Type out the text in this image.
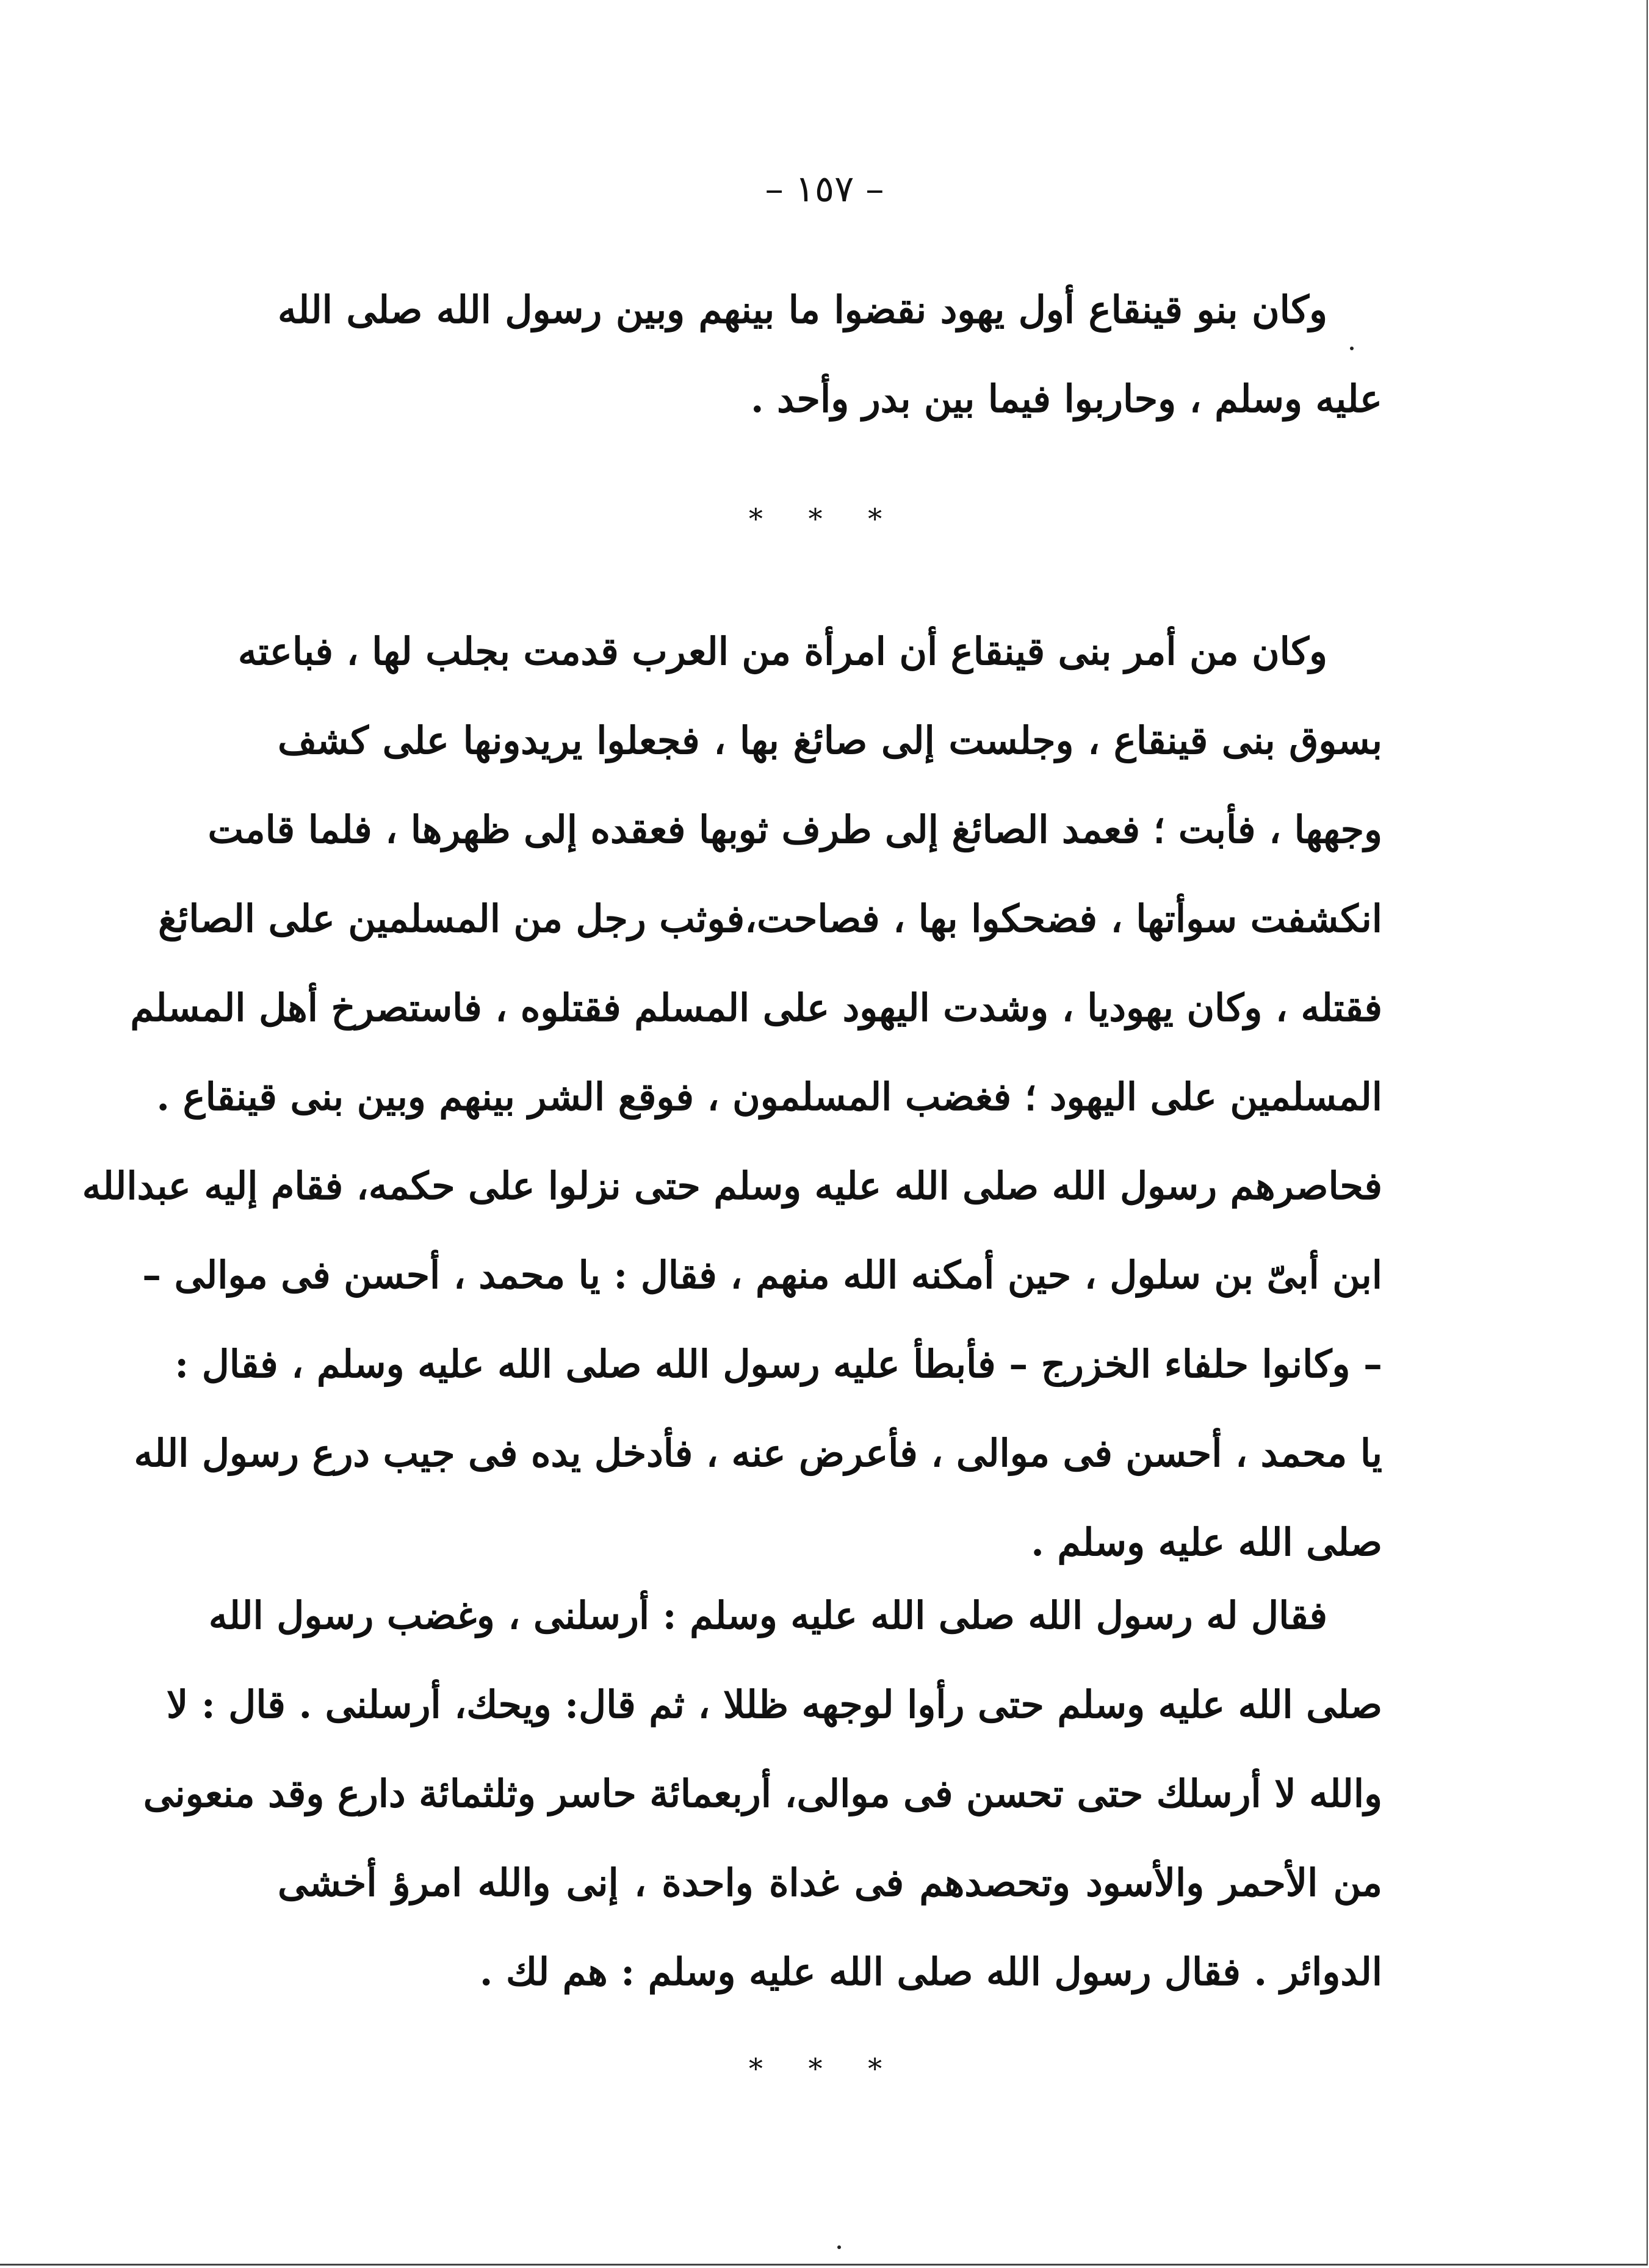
– ١٥٧ –
وكان بنو قينقاع أول يهود نقضوا ما بينهم وبين رسول الله صلى الله
عليه وسلم ، وحاربوا فيما بين بدر وأحد .
* * *
وكان من أمر بنى قينقاع أن امرأة من العرب قدمت بجلب لها ، فباعته
بسوق بنى قينقاع ، وجلست إلى صائغ بها ، فجعلوا يريدونها على كشف
وجهها ، فأبت ؛ فعمد الصائغ إلى طرف ثوبها فعقده إلى ظهرها ، فلما قامت
انكشفت سوأتها ، فضحكوا بها ، فصاحت،فوثب رجل من المسلمين على الصائغ
فقتله ، وكان يهوديا ، وشدت اليهود على المسلم فقتلوه ، فاستصرخ أهل المسلم
المسلمين على اليهود ؛ فغضب المسلمون ، فوقع الشر بينهم وبين بنى قينقاع .
فحاصرهم رسول الله صلى الله عليه وسلم حتى نزلوا على حكمه، فقام إليه عبدالله
ابن أبىّ بن سلول ، حين أمكنه الله منهم ، فقال : يا محمد ، أحسن فى موالى –
– وكانوا حلفاء الخزرج – فأبطأ عليه رسول الله صلى الله عليه وسلم ، فقال :
يا محمد ، أحسن فى موالى ، فأعرض عنه ، فأدخل يده فى جيب درع رسول الله
صلى الله عليه وسلم .
فقال له رسول الله صلى الله عليه وسلم : أرسلنى ، وغضب رسول الله
صلى الله عليه وسلم حتى رأوا لوجهه ظللا ، ثم قال: ويحك، أرسلنى . قال : لا
والله لا أرسلك حتى تحسن فى موالى، أربعمائة حاسر وثلثمائة دارع وقد منعونى
من الأحمر والأسود وتحصدهم فى غداة واحدة ، إنى والله امرؤ أخشى
الدوائر . فقال رسول الله صلى الله عليه وسلم : هم لك .
* * *
